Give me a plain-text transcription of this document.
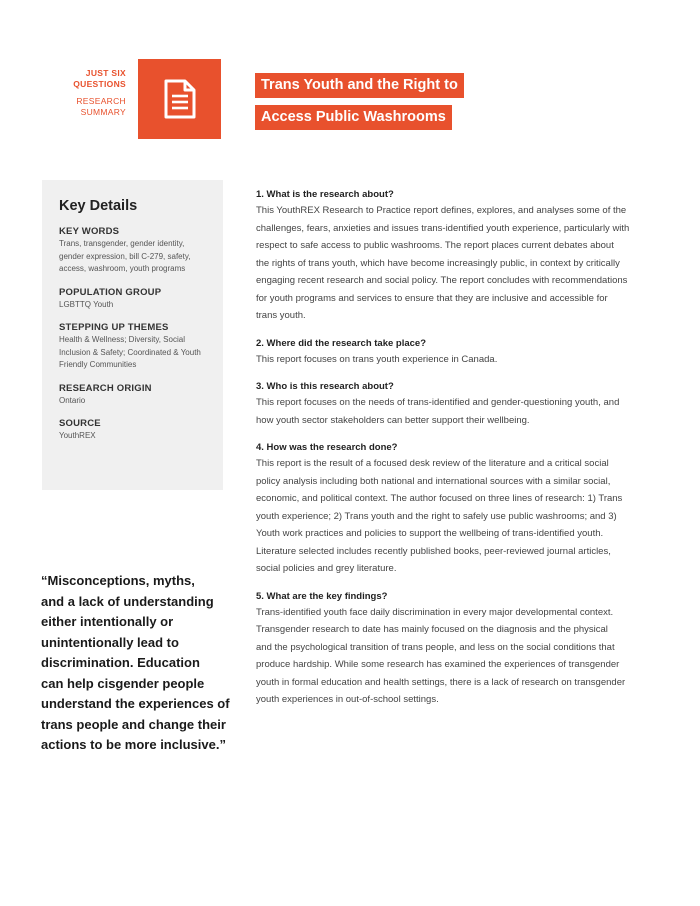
JUST SIX
QUESTIONS
RESEARCH
SUMMARY
Trans Youth and the Right to
Access Public Washrooms
Key Details
KEY WORDS
Trans, transgender, gender identity,
gender expression, bill C-279, safety,
access, washroom, youth programs
POPULATION GROUP
LGBTTQ Youth
STEPPING UP THEMES
Health & Wellness; Diversity, Social
Inclusion & Safety; Coordinated & Youth
Friendly Communities
RESEARCH ORIGIN
Ontario
SOURCE
YouthREX
“Misconceptions, myths,
and a lack of understanding
either intentionally or
unintentionally lead to
discrimination. Education
can help cisgender people
understand the experiences of
trans people and change their
actions to be more inclusive.”
1. What is the research about?
This YouthREX Research to Practice report defines, explores, and analyses some of the
challenges, fears, anxieties and issues trans-identified youth experience, particularly with
respect to safe access to public washrooms. The report places current debates about
the rights of trans youth, which have become increasingly public, in context by critically
engaging recent research and social policy. The report concludes with recommendations
for youth programs and services to ensure that they are inclusive and accessible for
trans youth.
2. Where did the research take place?
This report focuses on trans youth experience in Canada.
3. Who is this research about?
This report focuses on the needs of trans-identified and gender-questioning youth, and
how youth sector stakeholders can better support their wellbeing.
4. How was the research done?
This report is the result of a focused desk review of the literature and a critical social
policy analysis including both national and international sources with a similar social,
economic, and political context. The author focused on three lines of research: 1) Trans
youth experience; 2) Trans youth and the right to safely use public washrooms; and 3)
Youth work practices and policies to support the wellbeing of trans-identified youth.
Literature selected includes recently published books, peer-reviewed journal articles,
social policies and grey literature.
5. What are the key findings?
Trans-identified youth face daily discrimination in every major developmental context.
Transgender research to date has mainly focused on the diagnosis and the physical
and the psychological transition of trans people, and less on the social conditions that
produce hardship. While some research has examined the experiences of transgender
youth in formal education and health settings, there is a lack of research on transgender
youth experiences in out-of-school settings.
